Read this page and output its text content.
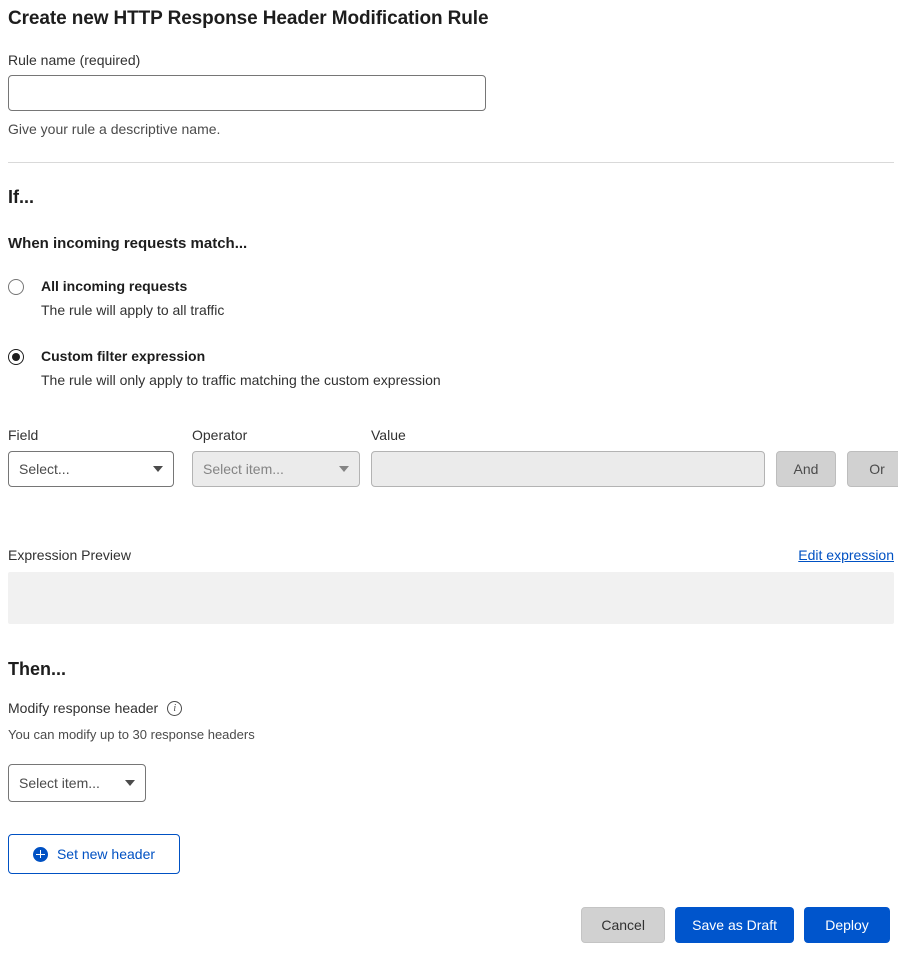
Create new HTTP Response Header Modification Rule
Rule name (required)
Give your rule a descriptive name.
If...
When incoming requests match...
All incoming requests
The rule will apply to all traffic
Custom filter expression
The rule will only apply to traffic matching the custom expression
Field
Select...
Operator
Select item...
Value
And	Or
Expression Preview	Edit expression
Then...
Modify response header	i
You can modify up to 30 response headers
Select item...
Set new header
Cancel	Save as Draft	Deploy
